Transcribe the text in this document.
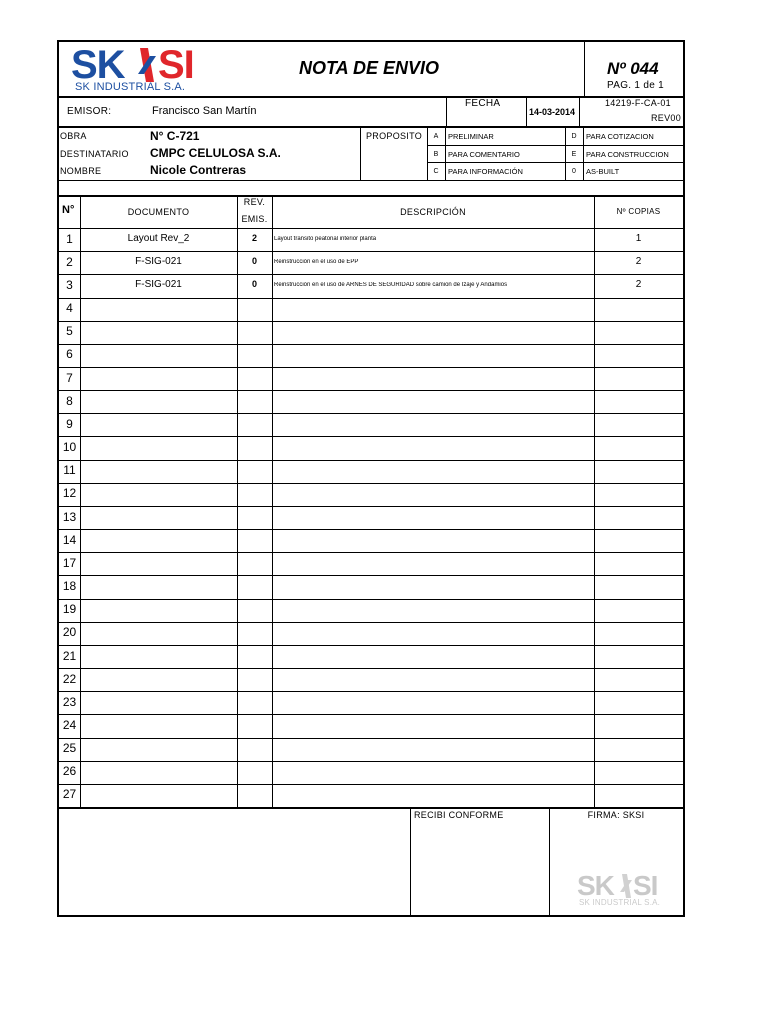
SK SI
SK INDUSTRIAL S.A.
NOTA DE ENVIO	Nº 044
PAG. 1 de 1
EMISOR:	Francisco San Martín
FECHA
14-03-2014
14219-F-CA-01
REV00
OBRA	N° C-721
DESTINATARIO CMPC CELULOSA S.A.
NOMBRE	Nicole Contreras
PROPOSITO	A	PRELIMINAR
B	PARA COMENTARIO
C	PARA INFORMACIÓN
D	PARA COTIZACION
E	PARA CONSTRUCCION
0	AS-BUILT
N°	DOCUMENTO
REV.
EMIS.
DESCRIPCIÓN	Nº COPIAS
1	Layout Rev_2	2	Layout transito peatonal interior planta	1
2	F-SIG-021	0	Reinstrucción en el uso de EPP	2
3	F-SIG-021	0	Reinstrucción en el uso de ARNES DE SEGURIDAD sobre camion de Izaje y Andamios	2
4
5
6
7
8
9
10
11
12
13
14
17
18
19
20
21
22
23
24
25
26
27
RECIBI CONFORME	FIRMA: SKSI
SK SI
SK INDUSTRIAL S.A.
